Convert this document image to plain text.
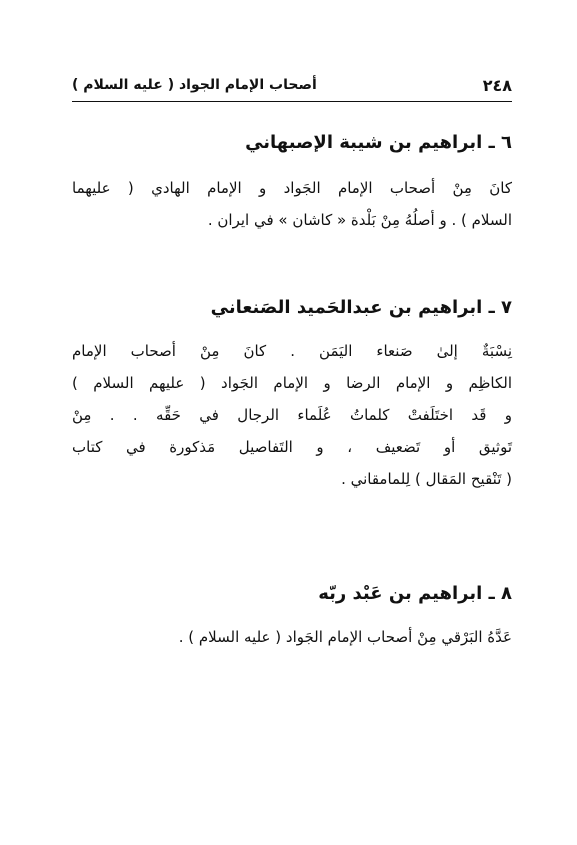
٢٤٨
أصحاب الإمام الجواد ( عليه السلام )
٦ ـ ابراهيم بن شيبة الإصبهاني
كانَ مِنْ أصحاب الإمام الجَواد و الإمام الهادي ( عليهما
السلام ) . و أصلُهُ مِنْ بَلْدة « كاشان » في ايران .
٧ ـ ابراهيم بن عبدالحَميد الصَنعاني
نِسْبَةٌ إلىٰ صَنعاء اليَمَن . كانَ مِنْ أصحاب الإمام
الكاظِم و الإمام الرضا و الإمام الجَواد ( عليهم السلام )
و قَد اختَلَفتْ كلماتُ عُلَماء الرجال في حَقِّه . . مِنْ
تَوثيق أو تَضعيف ، و التَفاصيل مَذكورة في كتاب
( تَنْقيح المَقال ) لِلمامقاني .
٨ ـ ابراهيم بن عَبْد ربّه
عَدَّهُ البَرْقي مِنْ أصحاب الإمام الجَواد ( عليه السلام ) .
